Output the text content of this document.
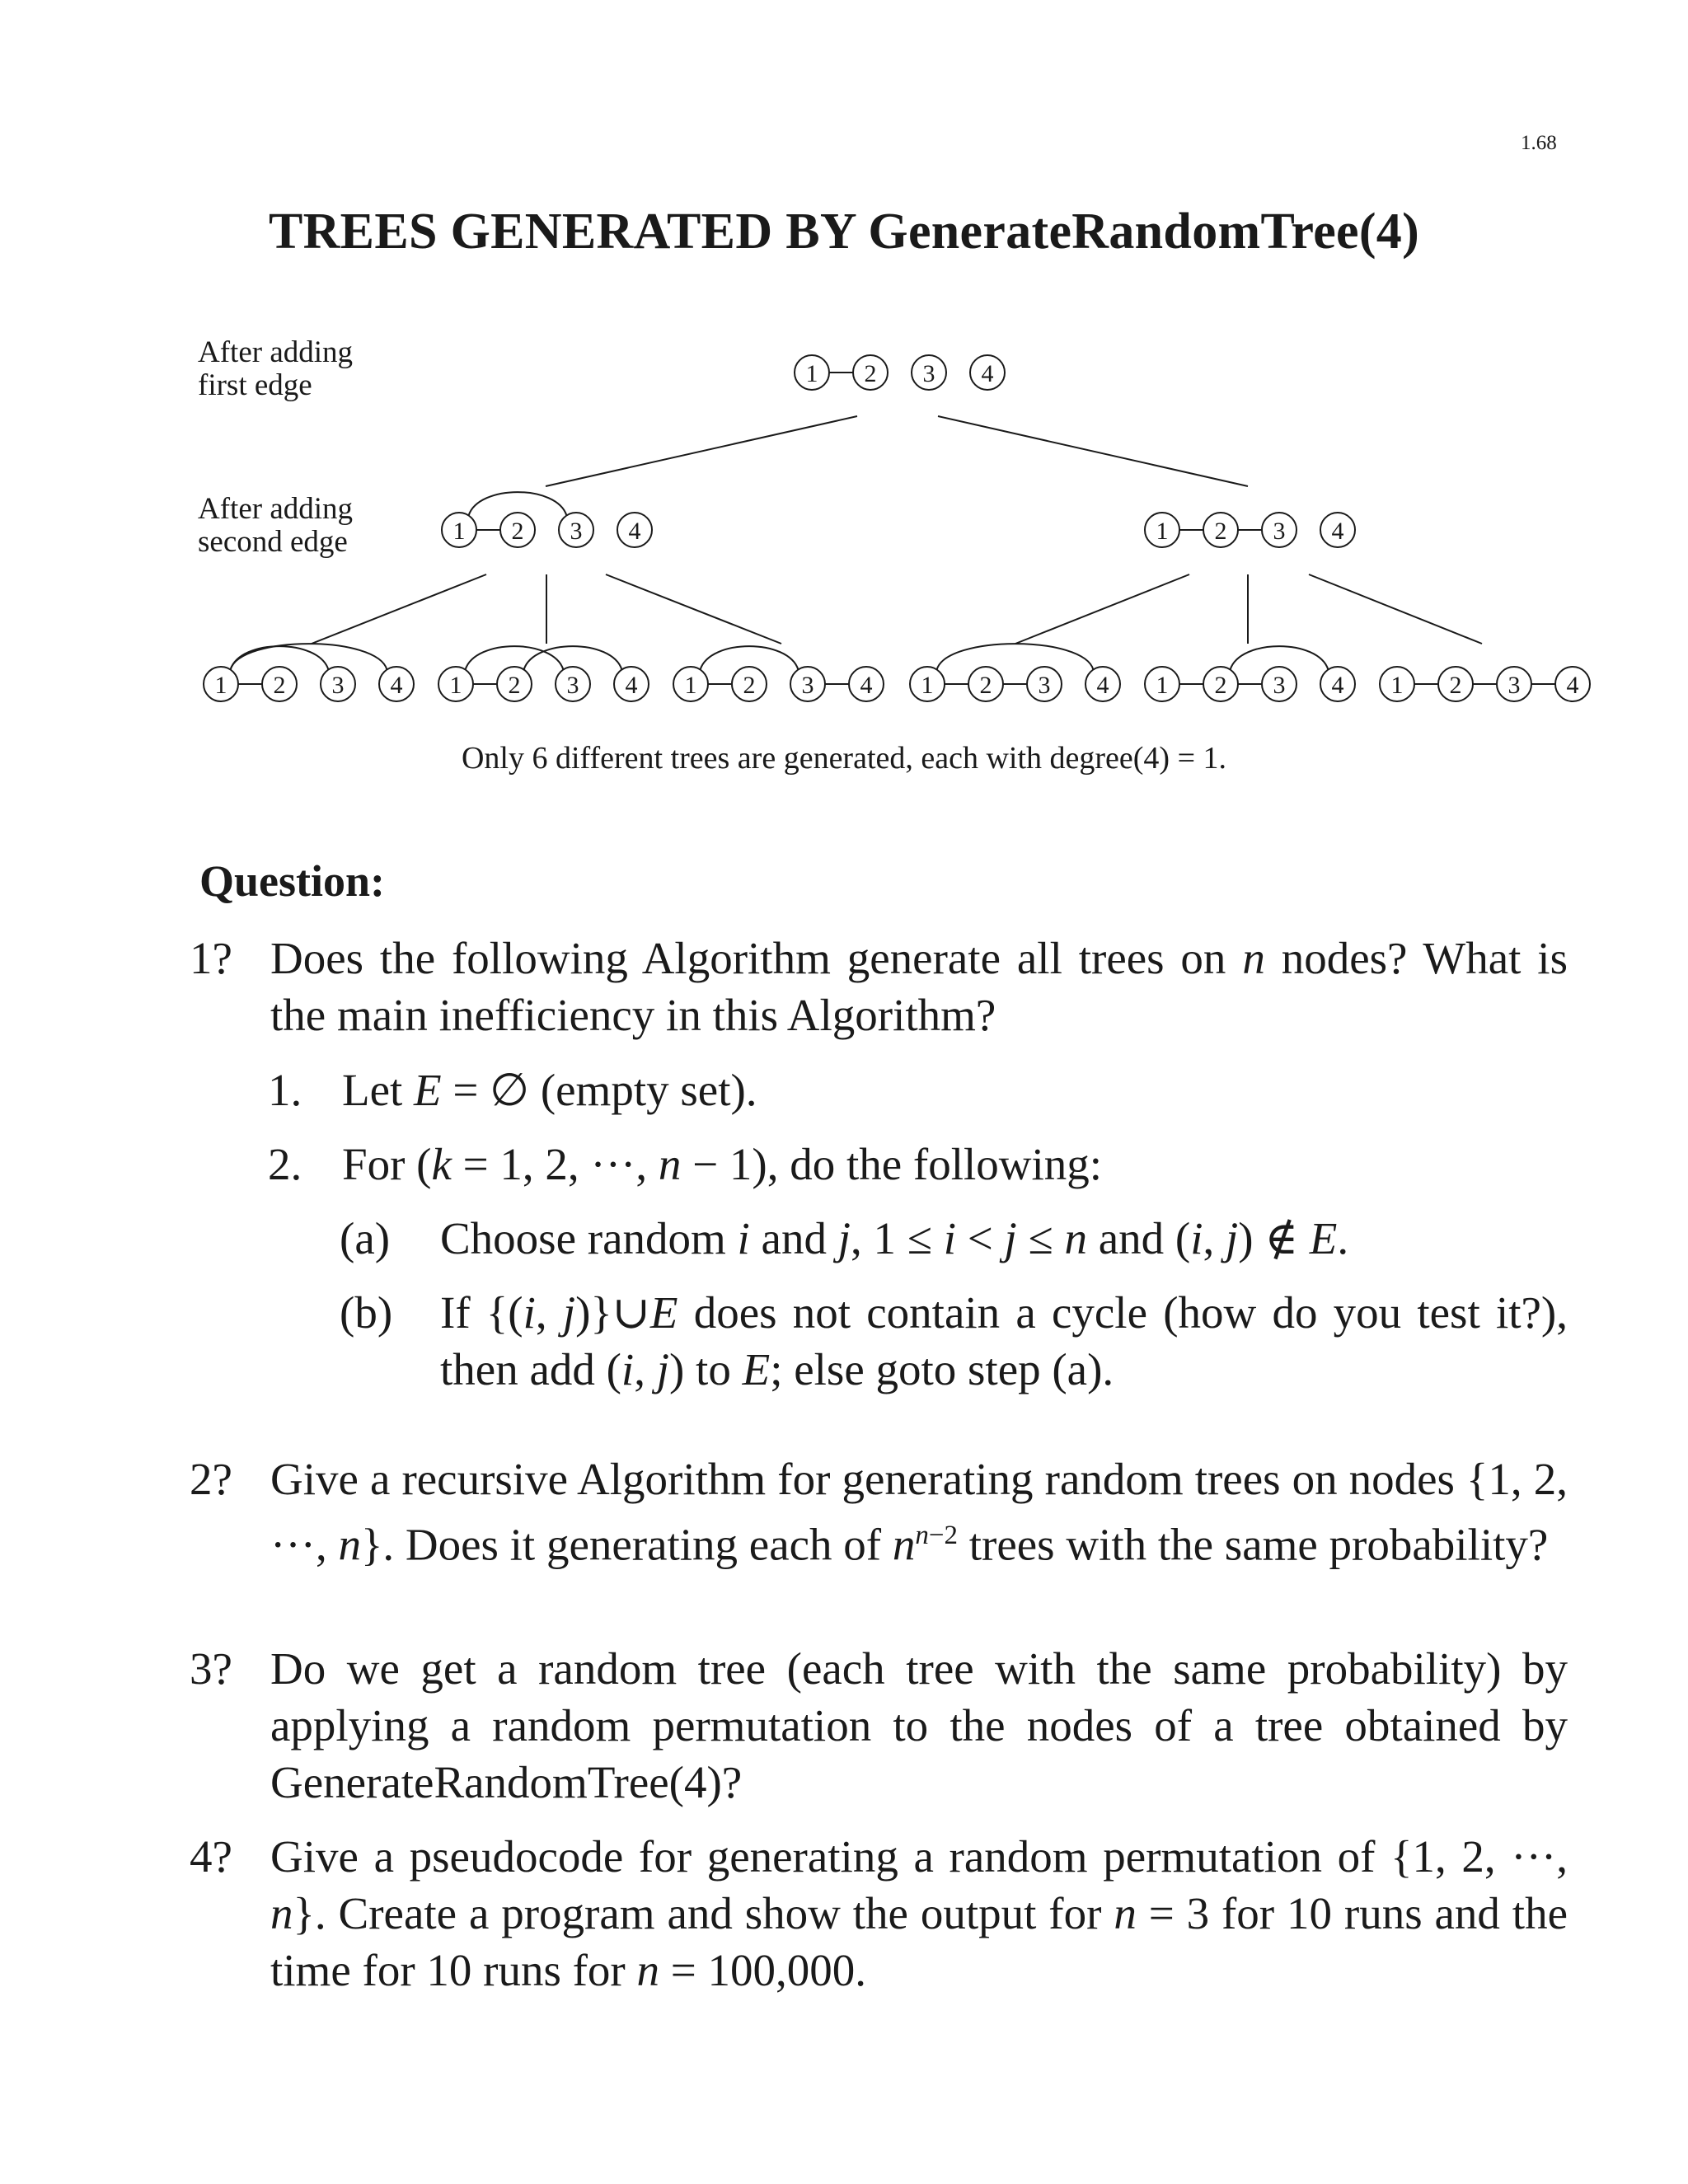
1.68
TREES GENERATED BY GenerateRandomTree(4)
After adding
first edge
After adding
second edge
1 2 3 4
1 2 3 4	1 2 3 4
1 2 3 4 1 2 3 4 1 2 3 4 1 2 3 4 1 2 3 4 1 2 3 4
Only 6 different trees are generated, each with degree(4) = 1.
Question:
1? Does the following Algorithm generate all trees on n nodes? What is the main inefficiency in this Algorithm?
1. Let E = ∅ (empty set).
2. For (k = 1, 2, ···, n − 1), do the following:
(a) Choose random i and j, 1 ≤ i < j ≤ n and (i, j) ∉ E.
(b) If {(i, j)}∪E does not contain a cycle (how do you test it?), then add (i, j) to E; else goto step (a).
2? Give a recursive Algorithm for generating random trees on nodes {1, 2, ···, n}. Does it generating each of $n^{n-2}$ trees with the same probability?
3? Do we get a random tree (each tree with the same probability) by applying a random permutation to the nodes of a tree obtained by GenerateRandomTree(4)?
4? Give a pseudocode for generating a random permutation of {1, 2, ···, n}. Create a program and show the output for n = 3 for 10 runs and the time for 10 runs for n = 100,000.
